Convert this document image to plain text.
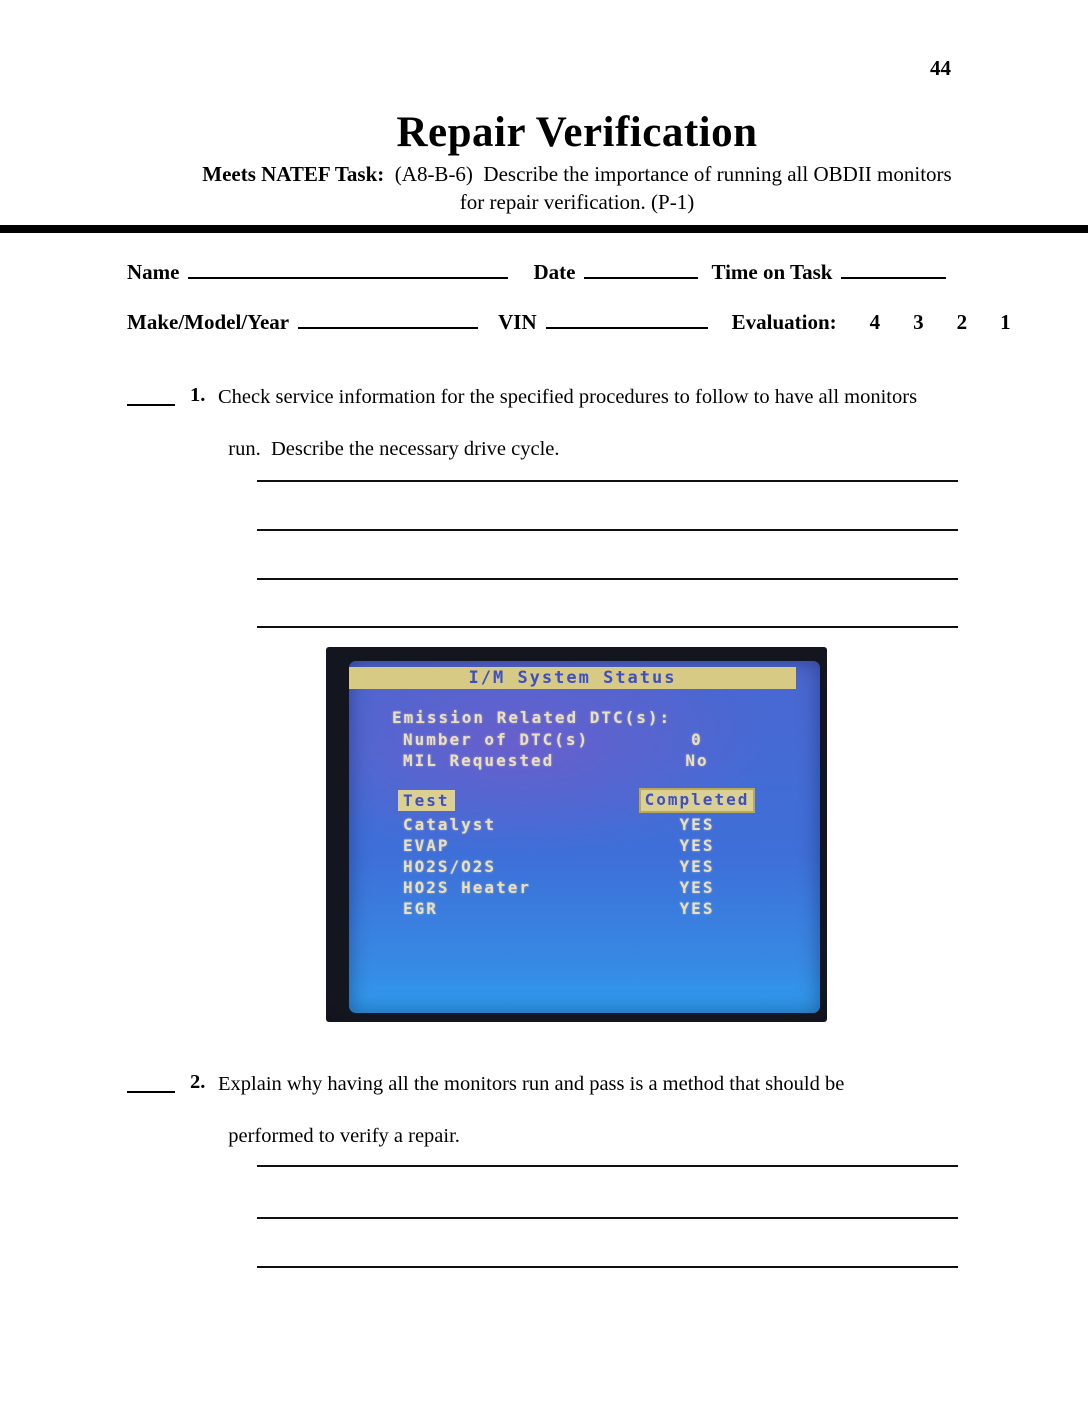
44
Repair Verification
Meets NATEF Task:  (A8-B-6)  Describe the importance of running all OBDII monitors
for repair verification. (P-1)
Name	Date	Time on Task
Make/Model/Year	VIN	Evaluation: 4 3 2 1
1. Check service information for the specified procedures to follow to have all monitors

run.  Describe the necessary drive cycle.
I/M System Status
Emission Related DTC(s):
Number of DTC(s)	0
MIL Requested	No
Test	Completed
Catalyst	YES
EVAP	YES
HO2S/O2S	YES
HO2S Heater	YES
EGR	YES
2. Explain why having all the monitors run and pass is a method that should be

performed to verify a repair.
